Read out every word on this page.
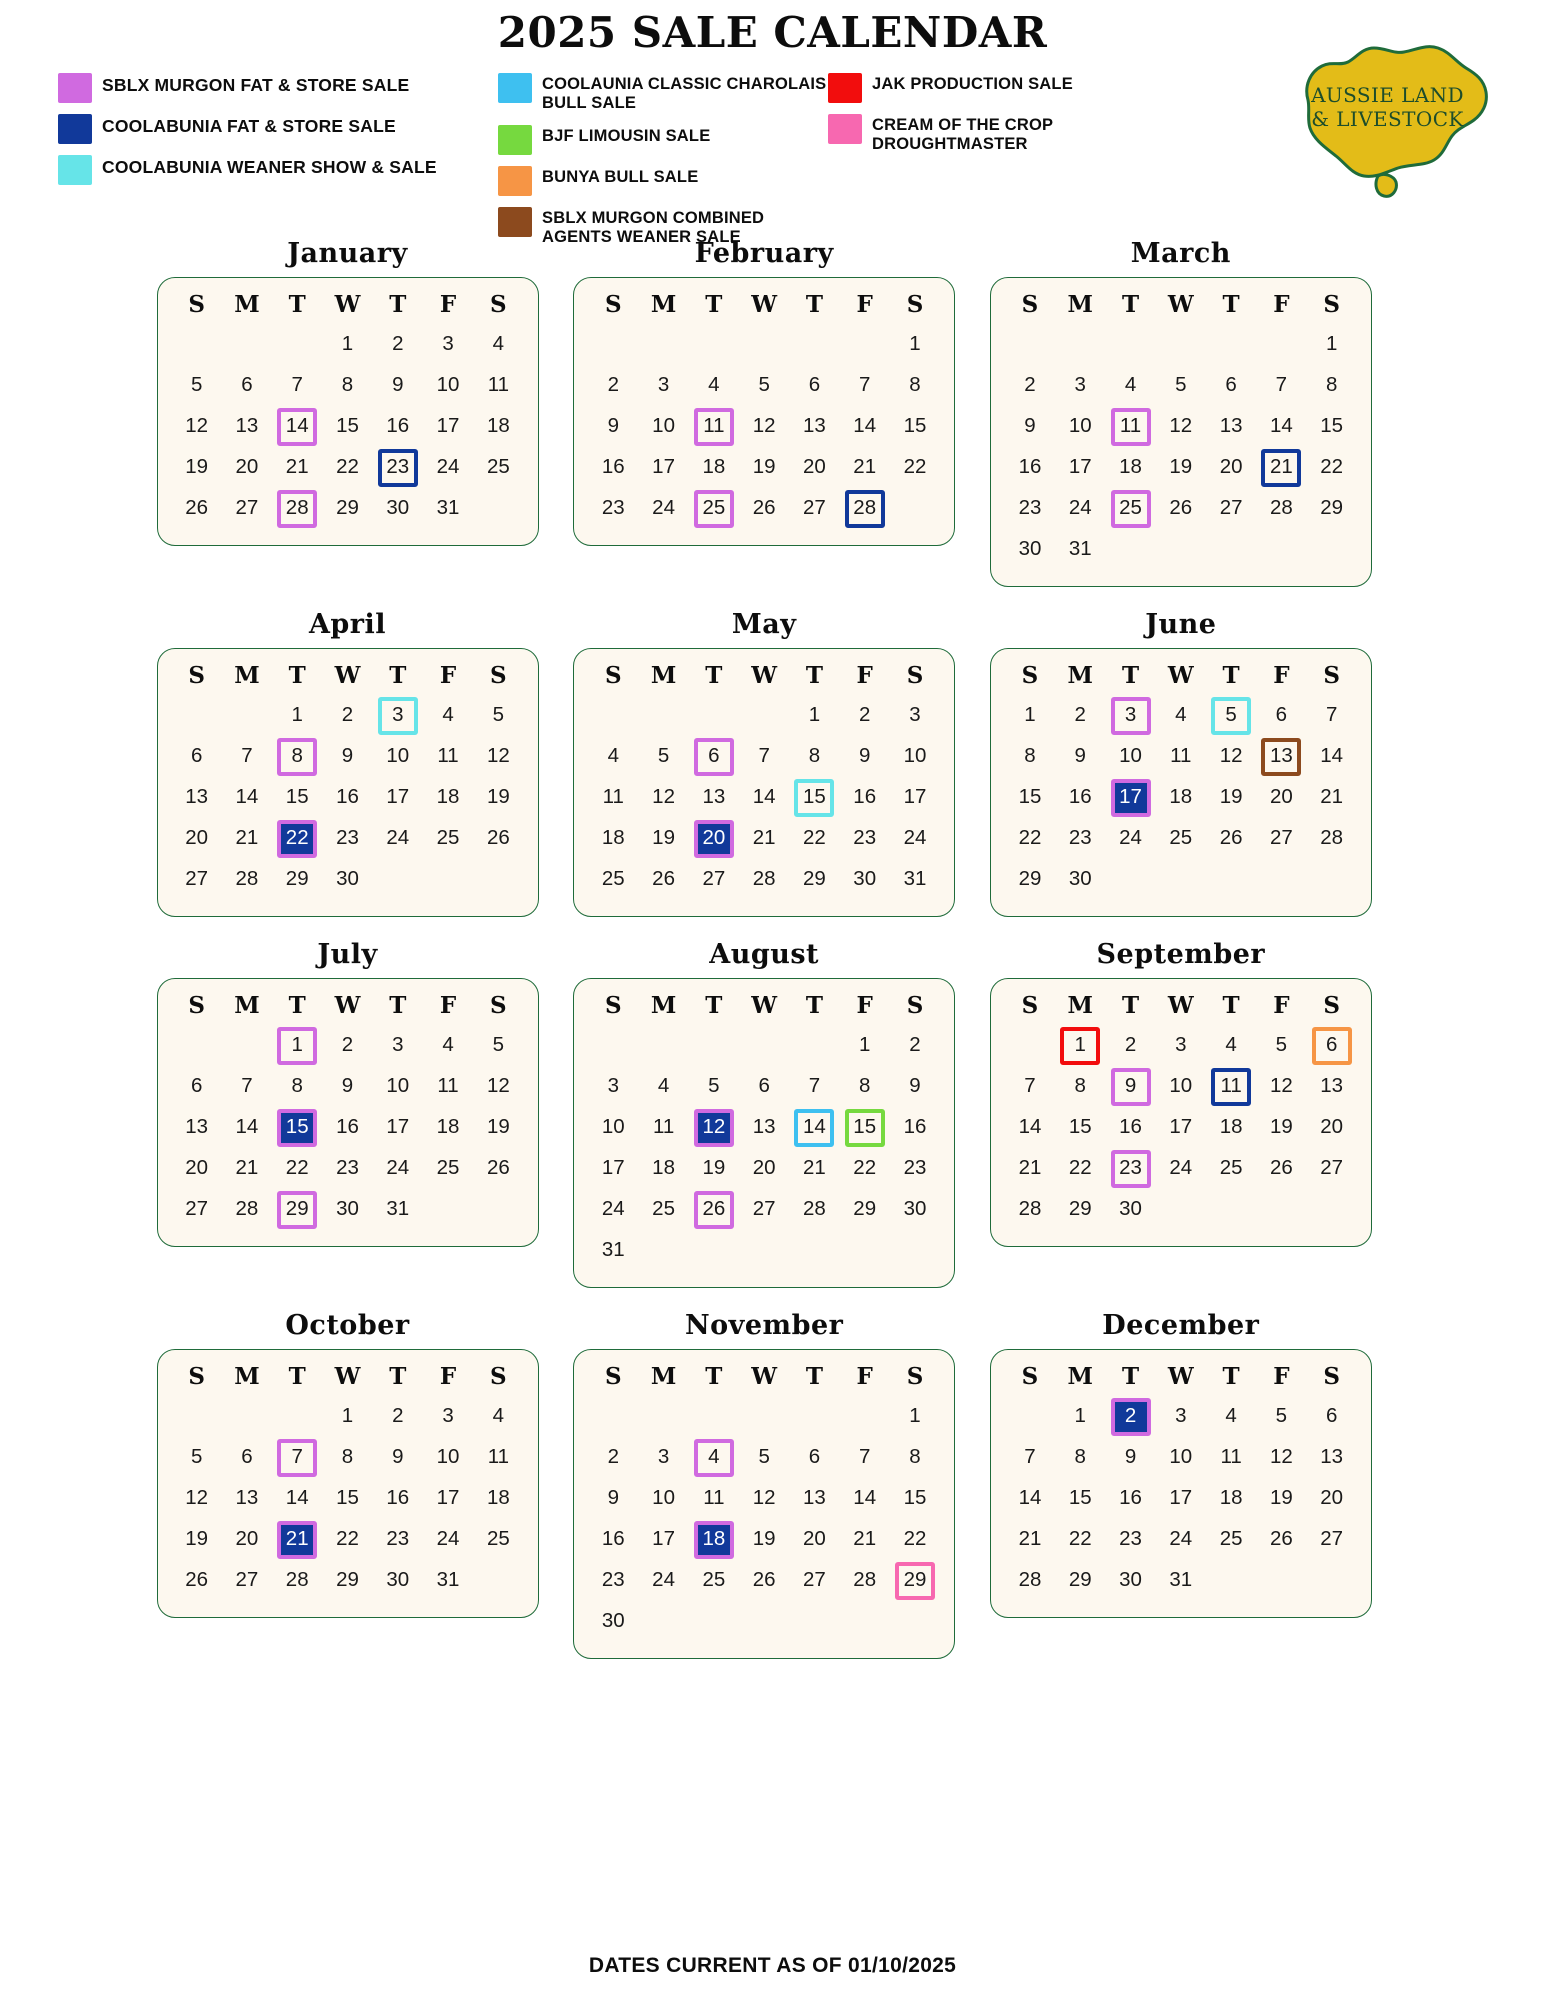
2025 SALE CALENDAR
SBLX MURGON FAT & STORE SALE
COOLABUNIA FAT & STORE SALE
COOLABUNIA WEANER SHOW & SALE
COOLAUNIA CLASSIC CHAROLAIS BULL SALE
BJF LIMOUSIN SALE
BUNYA BULL SALE
SBLX MURGON COMBINED AGENTS WEANER SALE
JAK PRODUCTION SALE
CREAM OF THE CROP DROUGHTMASTER
AUSSIE LAND
& LIVESTOCK
January
S	M	T	W	T	F	S
			1	2	3	4
5	6	7	8	9	10	11
12	13	14	15	16	17	18
19	20	21	22	23	24	25
26	27	28	29	30	31	
February
S	M	T	W	T	F	S
						1
2	3	4	5	6	7	8
9	10	11	12	13	14	15
16	17	18	19	20	21	22
23	24	25	26	27	28	
March
S	M	T	W	T	F	S
						1
2	3	4	5	6	7	8
9	10	11	12	13	14	15
16	17	18	19	20	21	22
23	24	25	26	27	28	29
30	31					
April
S	M	T	W	T	F	S
		1	2	3	4	5
6	7	8	9	10	11	12
13	14	15	16	17	18	19
20	21	22	23	24	25	26
27	28	29	30			
May
S	M	T	W	T	F	S
				1	2	3
4	5	6	7	8	9	10
11	12	13	14	15	16	17
18	19	20	21	22	23	24
25	26	27	28	29	30	31
June
S	M	T	W	T	F	S
1	2	3	4	5	6	7
8	9	10	11	12	13	14
15	16	17	18	19	20	21
22	23	24	25	26	27	28
29	30					
July
S	M	T	W	T	F	S
		1	2	3	4	5
6	7	8	9	10	11	12
13	14	15	16	17	18	19
20	21	22	23	24	25	26
27	28	29	30	31		
August
S	M	T	W	T	F	S
					1	2
3	4	5	6	7	8	9
10	11	12	13	14	15	16
17	18	19	20	21	22	23
24	25	26	27	28	29	30
31						
September
S	M	T	W	T	F	S
	1	2	3	4	5	6
7	8	9	10	11	12	13
14	15	16	17	18	19	20
21	22	23	24	25	26	27
28	29	30				
October
S	M	T	W	T	F	S
			1	2	3	4
5	6	7	8	9	10	11
12	13	14	15	16	17	18
19	20	21	22	23	24	25
26	27	28	29	30	31	
November
S	M	T	W	T	F	S
						1
2	3	4	5	6	7	8
9	10	11	12	13	14	15
16	17	18	19	20	21	22
23	24	25	26	27	28	29
30						
December
S	M	T	W	T	F	S
	1	2	3	4	5	6
7	8	9	10	11	12	13
14	15	16	17	18	19	20
21	22	23	24	25	26	27
28	29	30	31			
DATES CURRENT AS OF 01/10/2025
